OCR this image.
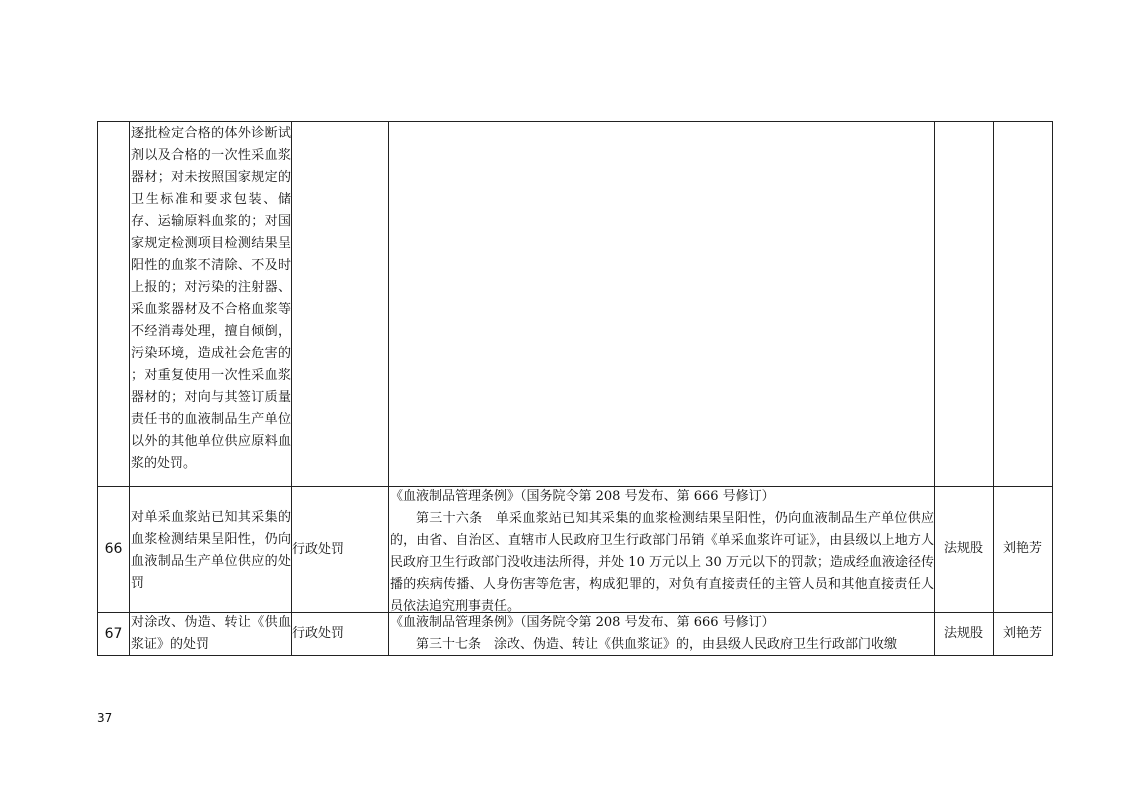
逐批检定合格的体外诊断试剂以及合格的一次性采血浆器材；对未按照国家规定的卫生标准和要求包装、储存、运输原料血浆的；对国家规定检测项目检测结果呈阳性的血浆不清除、不及时上报的；对污染的注射器、采血浆器材及不合格血浆等不经消毒处理，擅自倾倒，污染环境，造成社会危害的 ；对重复使用一次性采血浆器材的；对向与其签订质量责任书的血液制品生产单位以外的其他单位供应原料血浆的处罚。
66
对单采血浆站已知其采集的血浆检测结果呈阳性，仍向血液制品生产单位供应的处罚
行政处罚
《血液制品管理条例》（国务院令第 208 号发布、第 666 号修订）
第三十六条　单采血浆站已知其采集的血浆检测结果呈阳性，仍向血液制品生产单位供应的，由省、自治区、直辖市人民政府卫生行政部门吊销《单采血浆许可证》，由县级以上地方人民政府卫生行政部门没收违法所得，并处 10 万元以上 30 万元以下的罚款；造成经血液途径传播的疾病传播、人身伤害等危害，构成犯罪的，对负有直接责任的主管人员和其他直接责任人员依法追究刑事责任。
法规股	刘艳芳
67
对涂改、伪造、转让《供血浆证》的处罚
行政处罚
《血液制品管理条例》（国务院令第 208 号发布、第 666 号修订）
第三十七条　涂改、伪造、转让《供血浆证》的，由县级人民政府卫生行政部门收缴
法规股	刘艳芳
37
